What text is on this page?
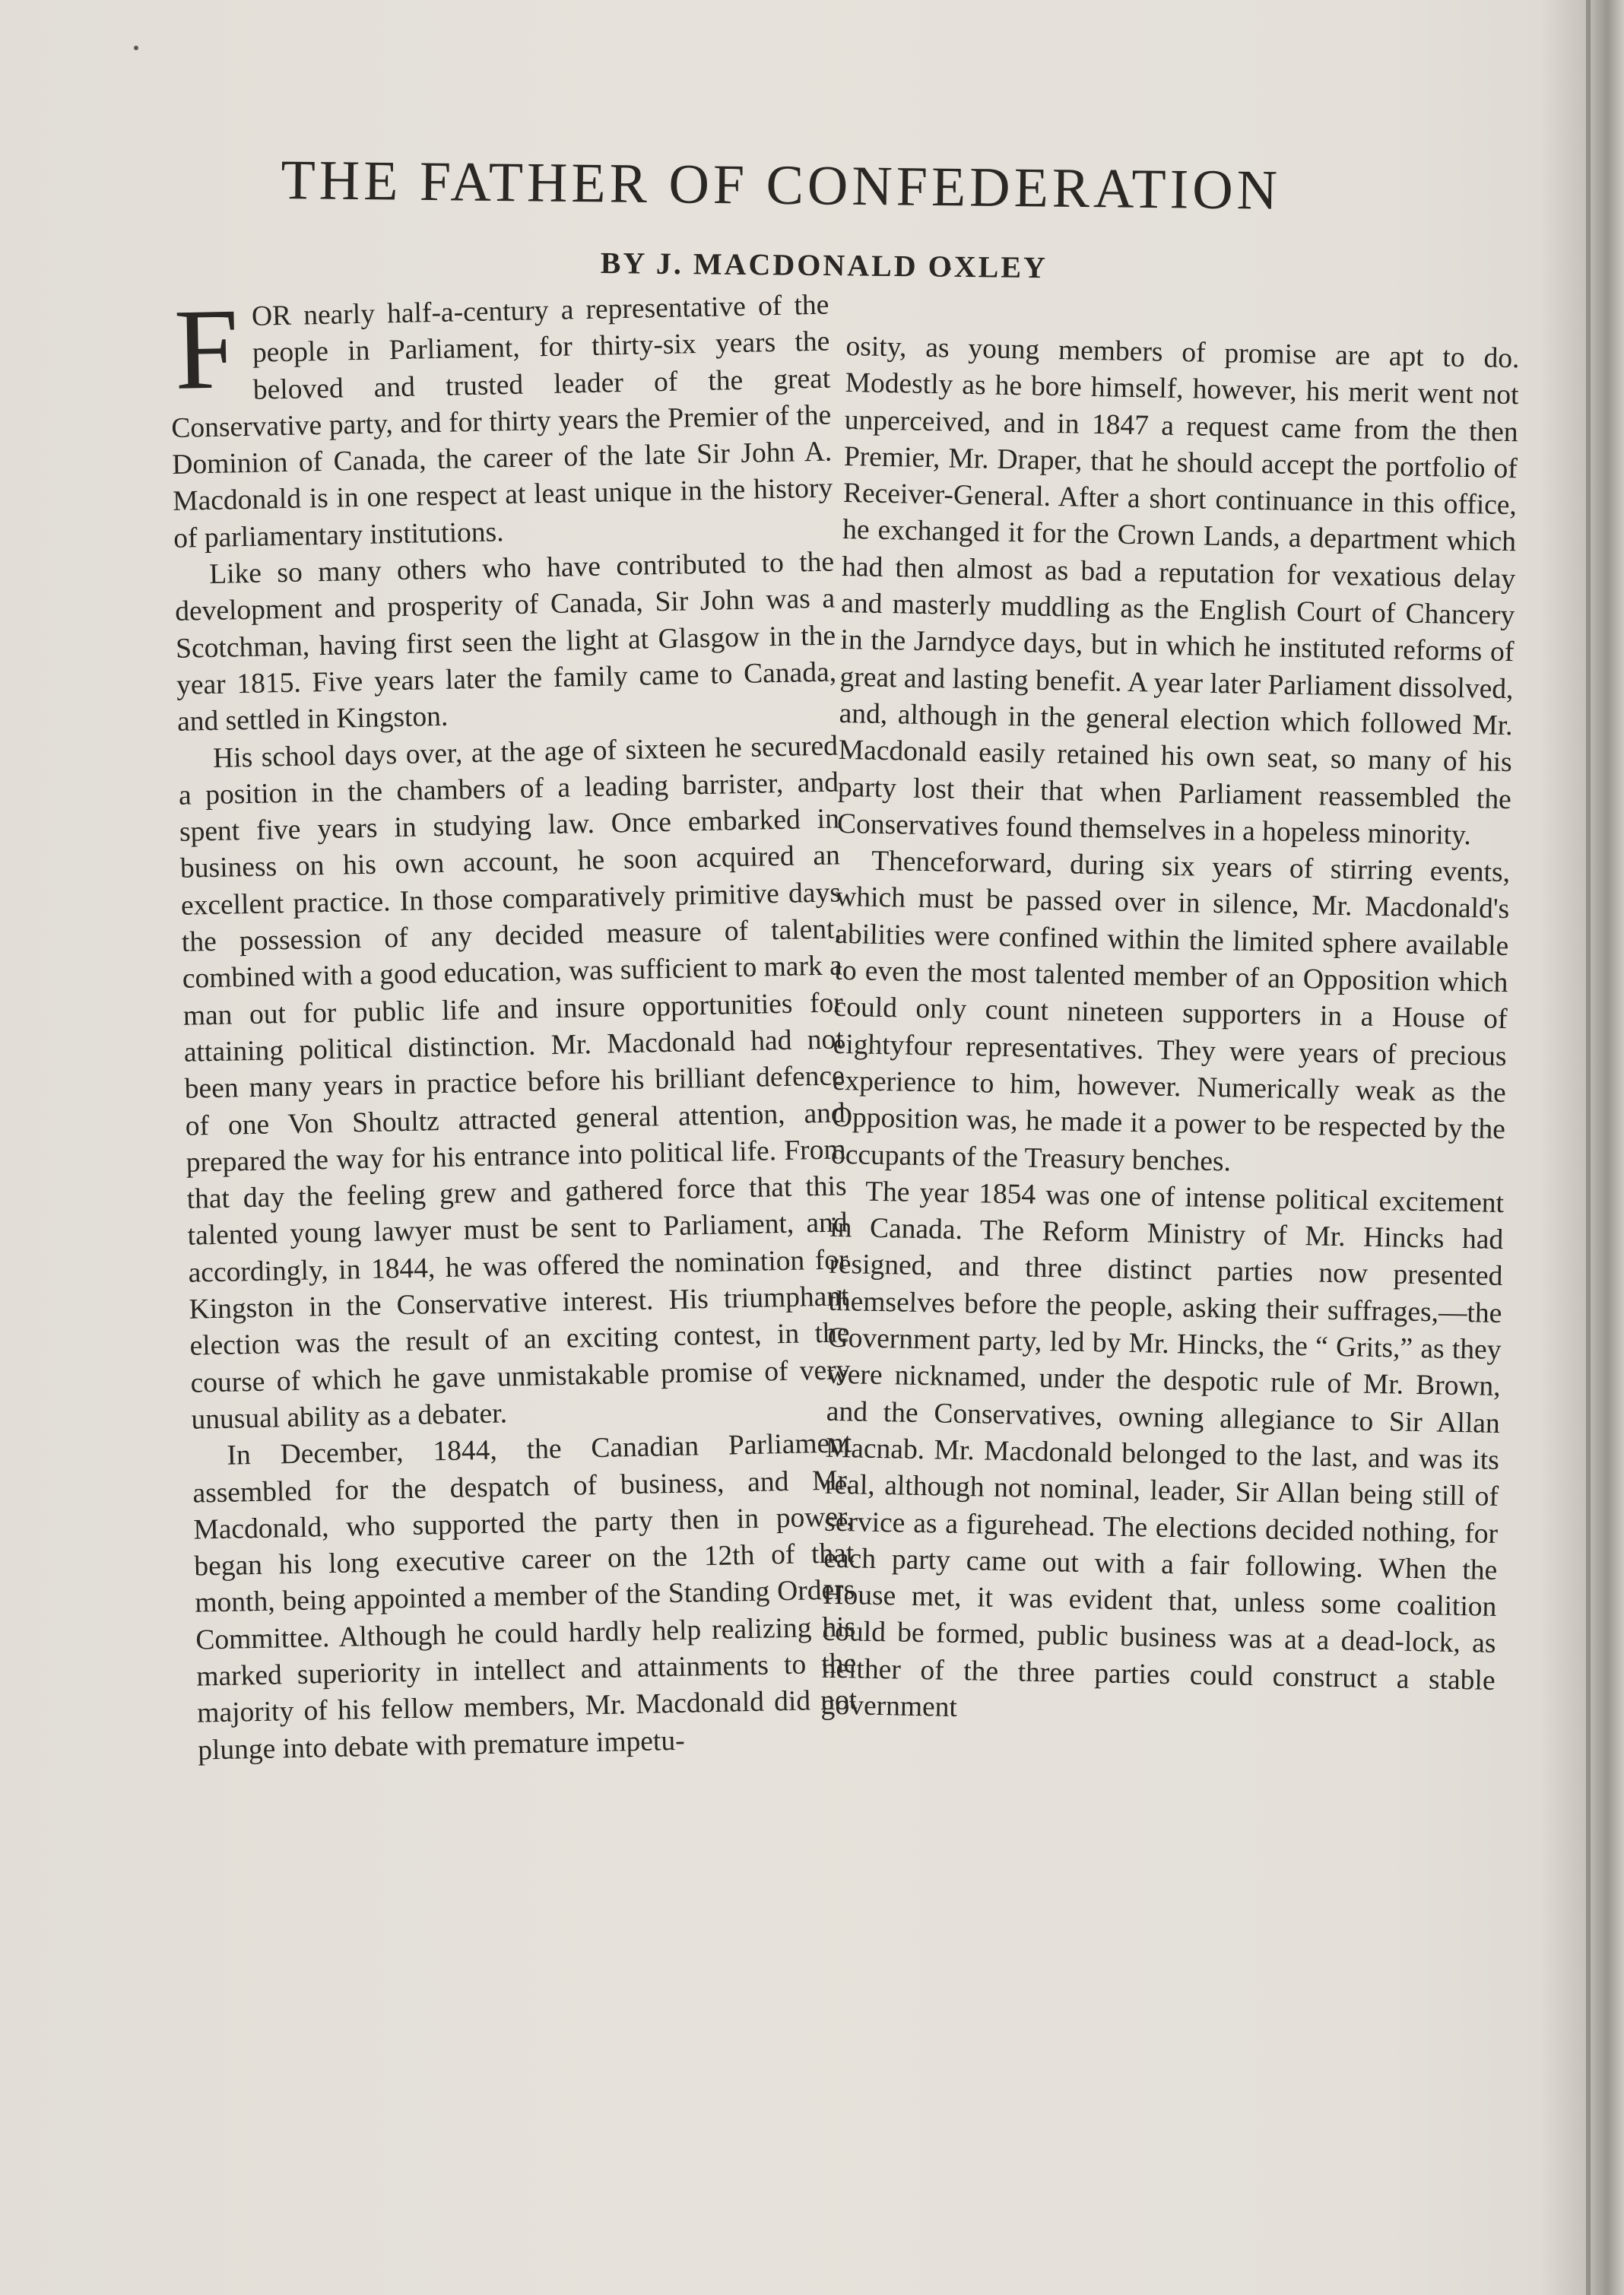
THE FATHER OF CONFEDERATION
BY J. MACDONALD OXLEY

FOR nearly half-a-century a representative of the people in Parliament, for thirty-six years the beloved and trusted leader of the great Conservative party, and for thirty years the Premier of the Dominion of Canada, the career of the late Sir John A. Macdonald is in one respect at least unique in the history of parliamentary institutions.

Like so many others who have contributed to the development and prosperity of Canada, Sir John was a Scotchman, having first seen the light at Glasgow in the year 1815. Five years later the family came to Canada, and settled in Kingston.

His school days over, at the age of sixteen he secured a position in the chambers of a leading barrister, and spent five years in studying law. Once embarked in business on his own account, he soon acquired an excellent practice. In those comparatively primitive days the possession of any decided measure of talent, combined with a good education, was sufficient to mark a man out for public life and insure opportunities for attaining political distinction. Mr. Macdonald had not been many years in practice before his brilliant defence of one Von Shoultz attracted general attention, and prepared the way for his entrance into political life. From that day the feeling grew and gathered force that this talented young lawyer must be sent to Parliament, and accordingly, in 1844, he was offered the nomination for Kingston in the Conservative interest. His triumphant election was the result of an exciting contest, in the course of which he gave unmistakable promise of very unusual ability as a debater.

In December, 1844, the Canadian Parliament assembled for the despatch of business, and Mr. Macdonald, who supported the party then in power, began his long executive career on the 12th of that month, being appointed a member of the Standing Orders Committee. Although he could hardly help realizing his marked superiority in intellect and attainments to the majority of his fellow members, Mr. Macdonald did not plunge into debate with premature impetu-

osity, as young members of promise are apt to do. Modestly as he bore himself, however, his merit went not unperceived, and in 1847 a request came from the then Premier, Mr. Draper, that he should accept the portfolio of Receiver-General. After a short continuance in this office, he exchanged it for the Crown Lands, a department which had then almost as bad a reputation for vexatious delay and masterly muddling as the English Court of Chancery in the Jarndyce days, but in which he instituted reforms of great and lasting benefit. A year later Parliament dissolved, and, although in the general election which followed Mr. Macdonald easily retained his own seat, so many of his party lost their that when Parliament reassembled the Conservatives found themselves in a hopeless minority.

Thenceforward, during six years of stirring events, which must be passed over in silence, Mr. Macdonald's abilities were confined within the limited sphere available to even the most talented member of an Opposition which could only count nineteen supporters in a House of eightyfour representatives. They were years of precious experience to him, however. Numerically weak as the Opposition was, he made it a power to be respected by the occupants of the Treasury benches.

The year 1854 was one of intense political excitement in Canada. The Reform Ministry of Mr. Hincks had resigned, and three distinct parties now presented themselves before the people, asking their suffrages,—the Government party, led by Mr. Hincks, the “ Grits,” as they were nicknamed, under the despotic rule of Mr. Brown, and the Conservatives, owning allegiance to Sir Allan Macnab. Mr. Macdonald belonged to the last, and was its real, although not nominal, leader, Sir Allan being still of service as a figurehead. The elections decided nothing, for each party came out with a fair following. When the House met, it was evident that, unless some coalition could be formed, public business was at a dead-lock, as neither of the three parties could construct a stable government
